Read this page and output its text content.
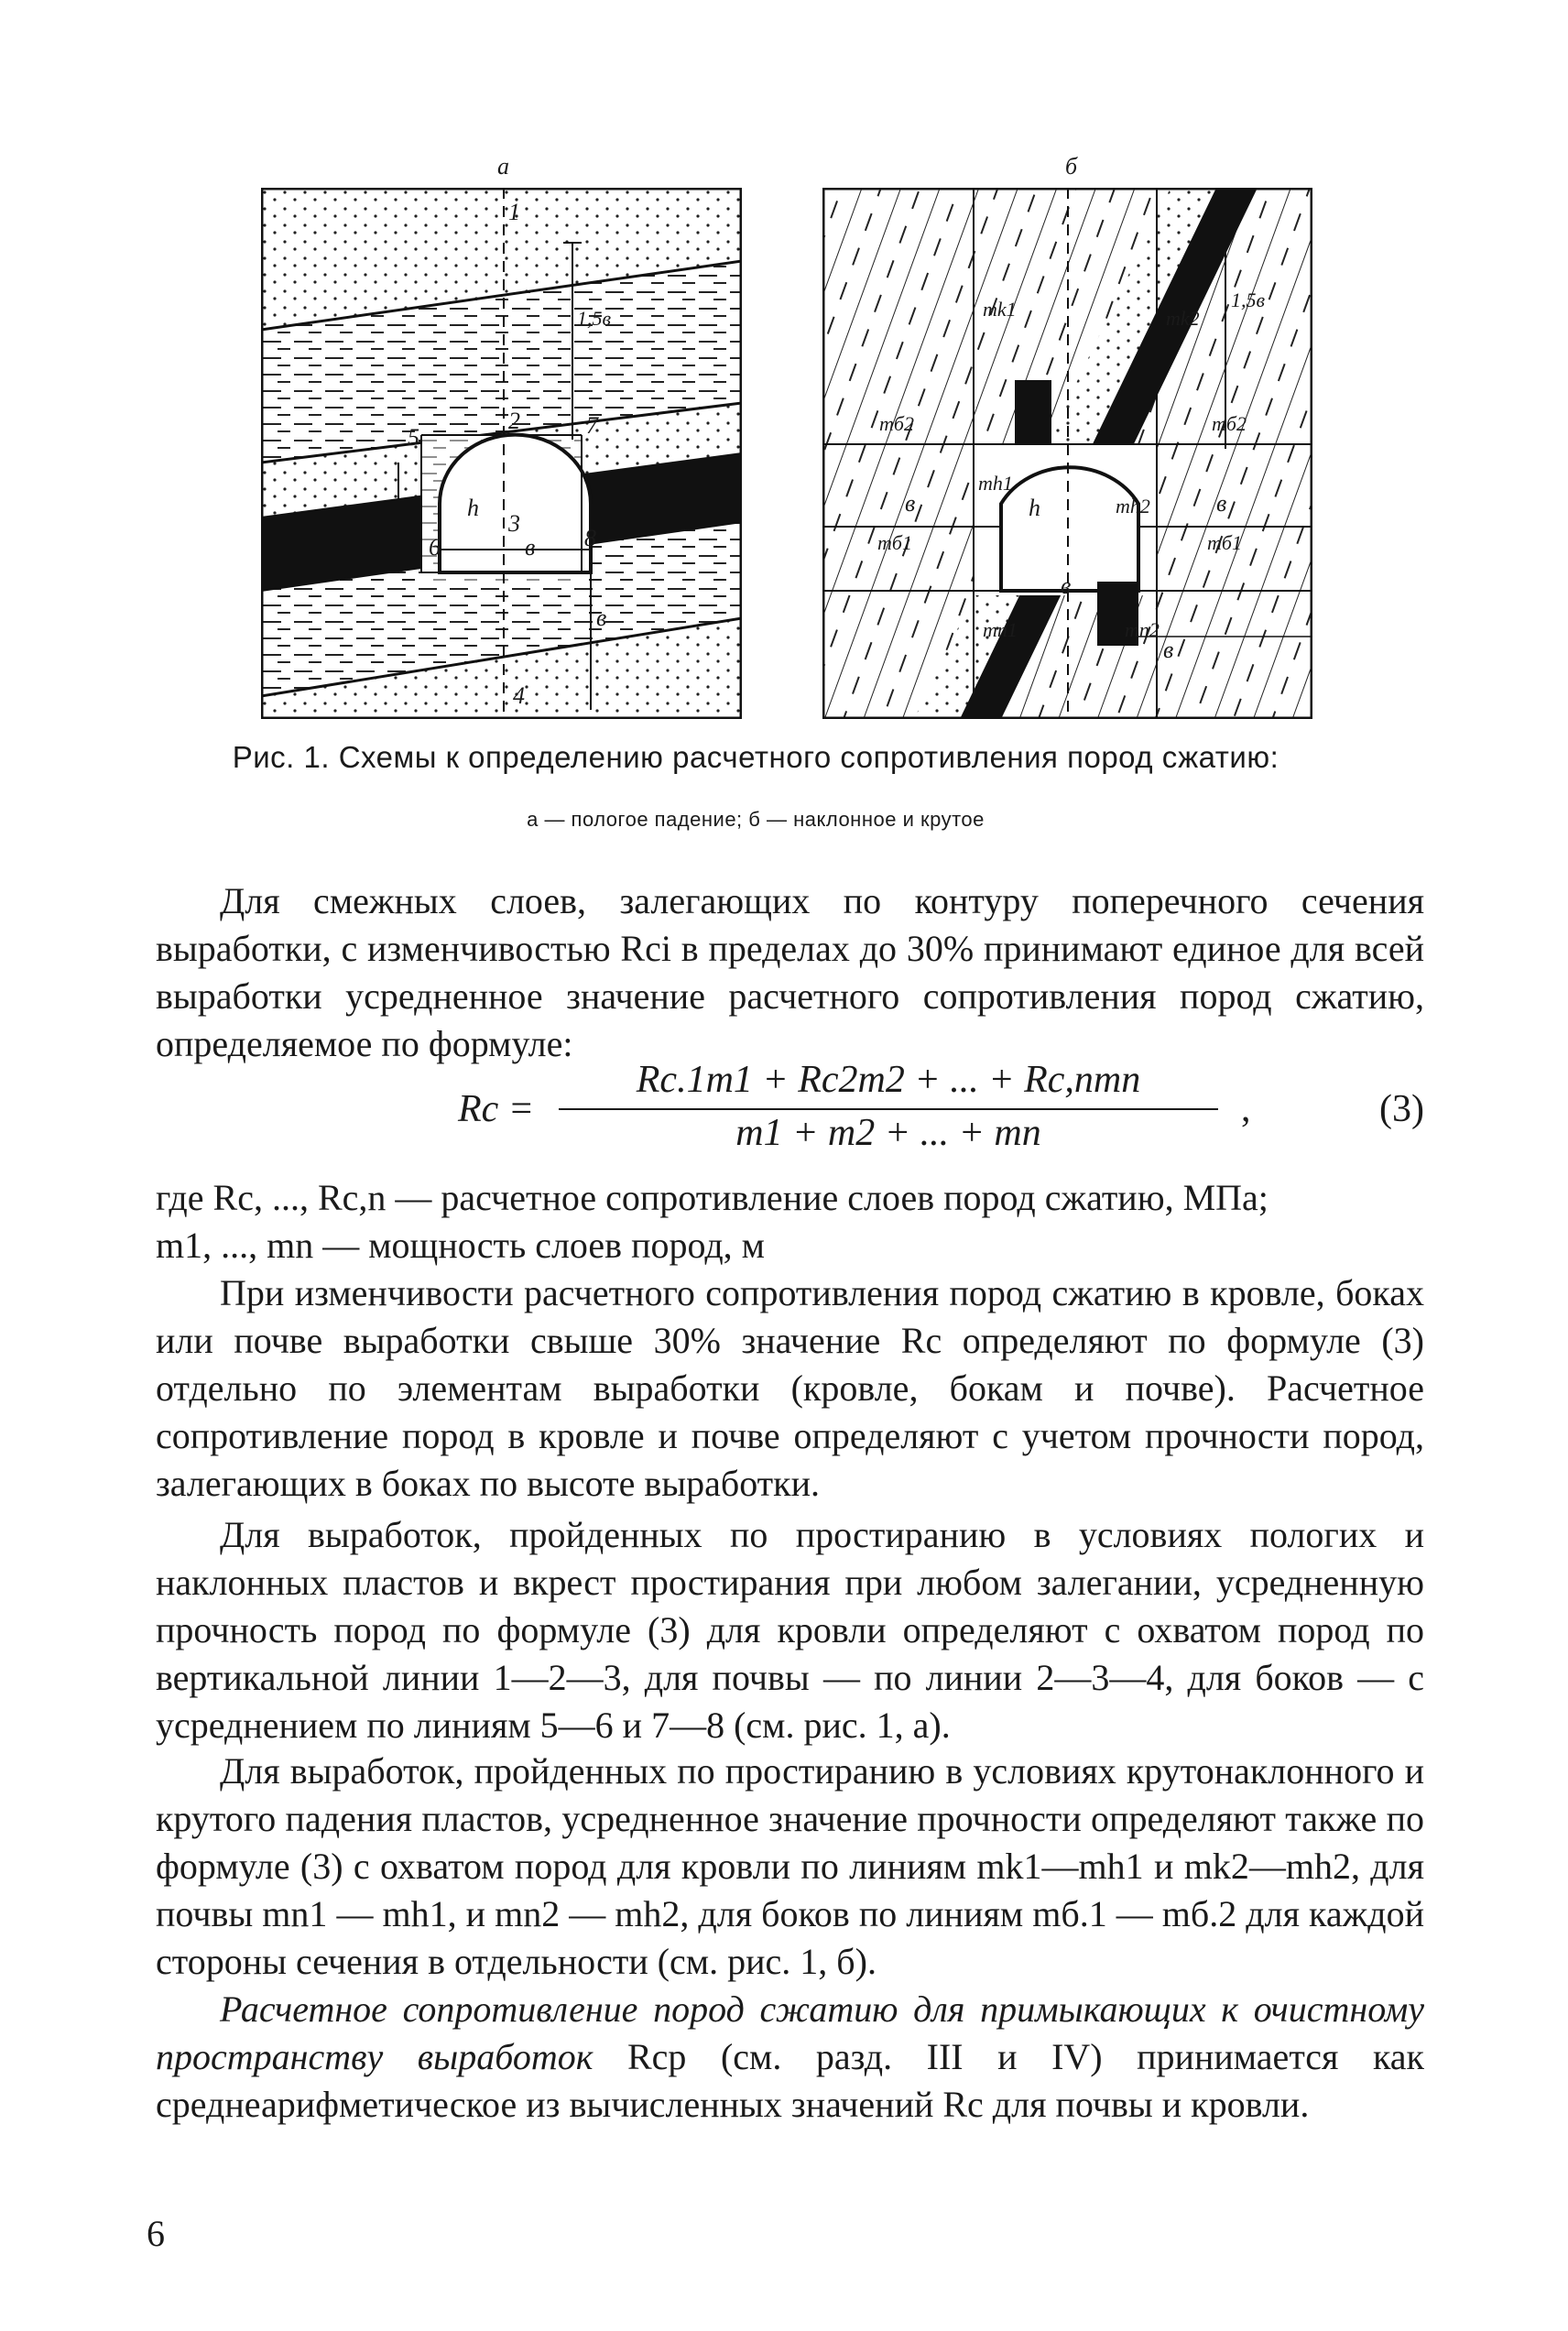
а
1
1,5в
2
5	7
h
3
8
6	в
в
4
б
mk1	mk2
1,5в
mб2	mб2
mh1
h	mh2
в	в
mб1	mб1
в
mn1	mn2
в
Рис. 1. Схемы к определению расчетного сопротивления пород сжатию:
а — пологое падение; б — наклонное и крутое

Для смежных слоев, залегающих по контуру поперечного сечения выработки, с изменчивостью Rci в пределах до 30% принимают единое для всей выработки усредненное значение расчетного сопротивления пород сжатию, определяемое по формуле:

Rc =
Rc.1m1 + Rc2m2 + ... + Rc,nmn
m1 + m2 + ... + mn
,	(3)

где Rc, ..., Rc,n — расчетное сопротивление слоев пород сжатию, МПа;

m1, ..., mn — мощность слоев пород, м

При изменчивости расчетного сопротивления пород сжатию в кровле, боках или почве выработки свыше 30% значение Rc определяют по формуле (3) отдельно по элементам выработки (кровле, бокам и почве). Расчетное сопротивление пород в кровле и почве определяют с учетом прочности пород, залегающих в боках по высоте выработки.

Для выработок, пройденных по простиранию в условиях пологих и наклонных пластов и вкрест простирания при любом залегании, усредненную прочность пород по формуле (3) для кровли определяют с охватом пород по вертикальной линии 1—2—3, для почвы — по линии 2—3—4, для боков — с усреднением по линиям 5—6 и 7—8 (см. рис. 1, а).

Для выработок, пройденных по простиранию в условиях крутонаклонного и крутого падения пластов, усредненное значение прочности определяют также по формуле (3) с охватом пород для кровли по линиям mk1—mh1 и mk2—mh2, для почвы mn1 — mh1, и mn2 — mh2, для боков по линиям mб.1 — mб.2 для каждой стороны сечения в отдельности (см. рис. 1, б).

Расчетное сопротивление пород сжатию для примыкающих к очистному пространству выработок Rср (см. разд. III и IV) принимается как среднеарифметическое из вычисленных значений Rc для почвы и кровли.

6
